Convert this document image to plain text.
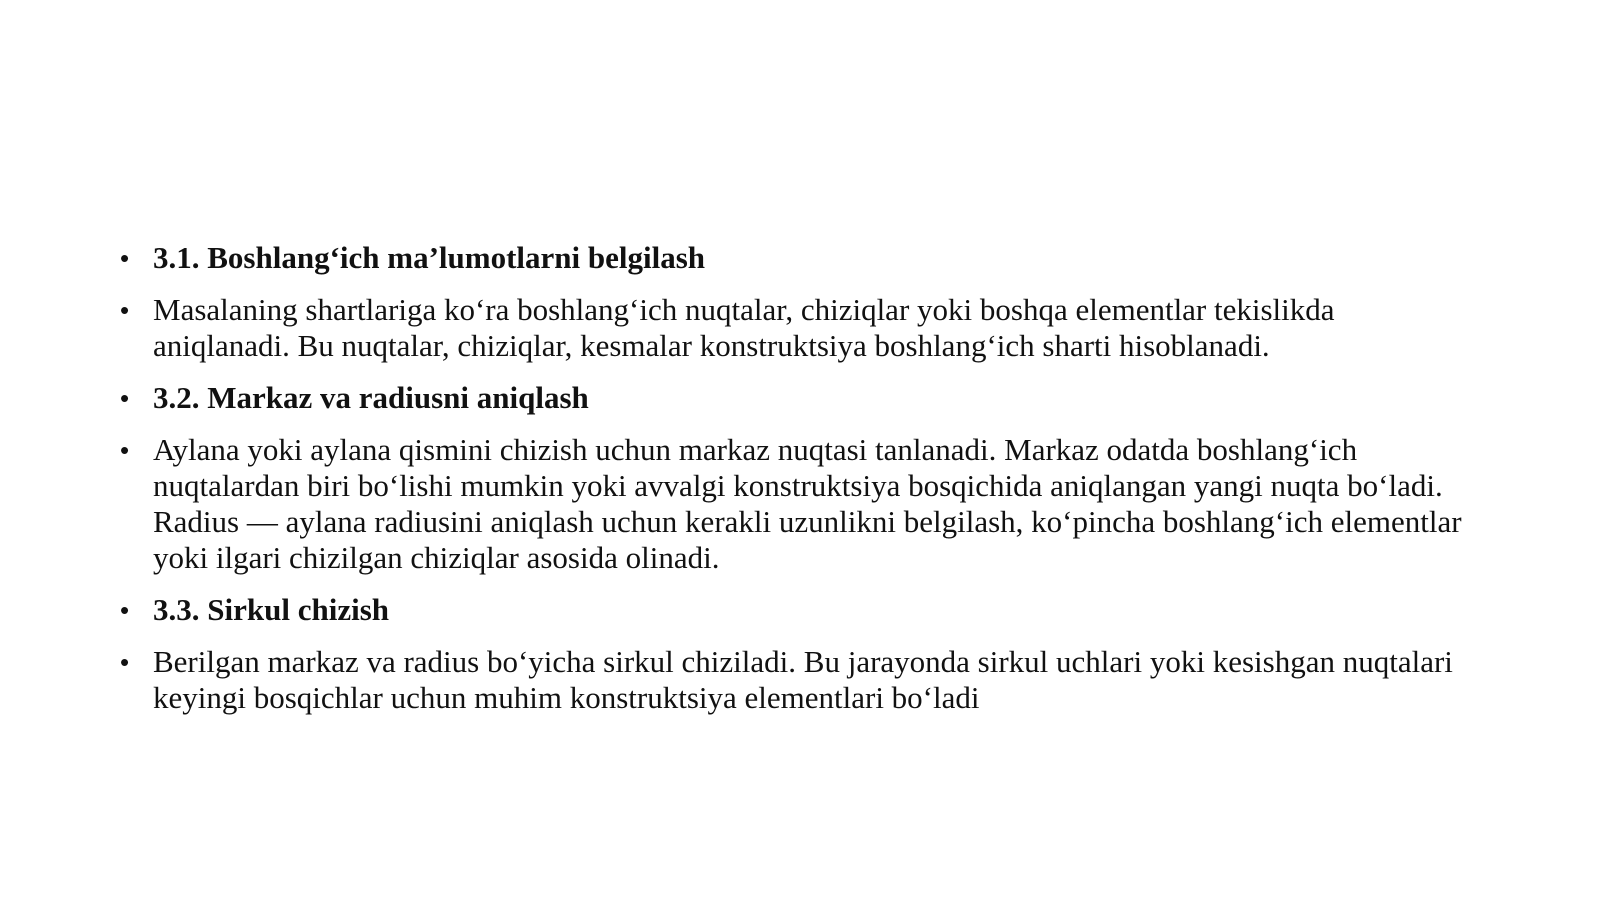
• 3.1. Boshlang‘ich ma’lumotlarni belgilash
• Masalaning shartlariga ko‘ra boshlang‘ich nuqtalar, chiziqlar yoki boshqa elementlar tekislikda aniqlanadi. Bu nuqtalar, chiziqlar, kesmalar konstruktsiya boshlang‘ich sharti hisoblanadi.
• 3.2. Markaz va radiusni aniqlash
• Aylana yoki aylana qismini chizish uchun markaz nuqtasi tanlanadi. Markaz odatda boshlang‘ich nuqtalardan biri bo‘lishi mumkin yoki avvalgi konstruktsiya bosqichida aniqlangan yangi nuqta bo‘ladi. Radius — aylana radiusini aniqlash uchun kerakli uzunlikni belgilash, ko‘pincha boshlang‘ich elementlar yoki ilgari chizilgan chiziqlar asosida olinadi.
• 3.3. Sirkul chizish
• Berilgan markaz va radius bo‘yicha sirkul chiziladi. Bu jarayonda sirkul uchlari yoki kesishgan nuqtalari keyingi bosqichlar uchun muhim konstruktsiya elementlari bo‘ladi
